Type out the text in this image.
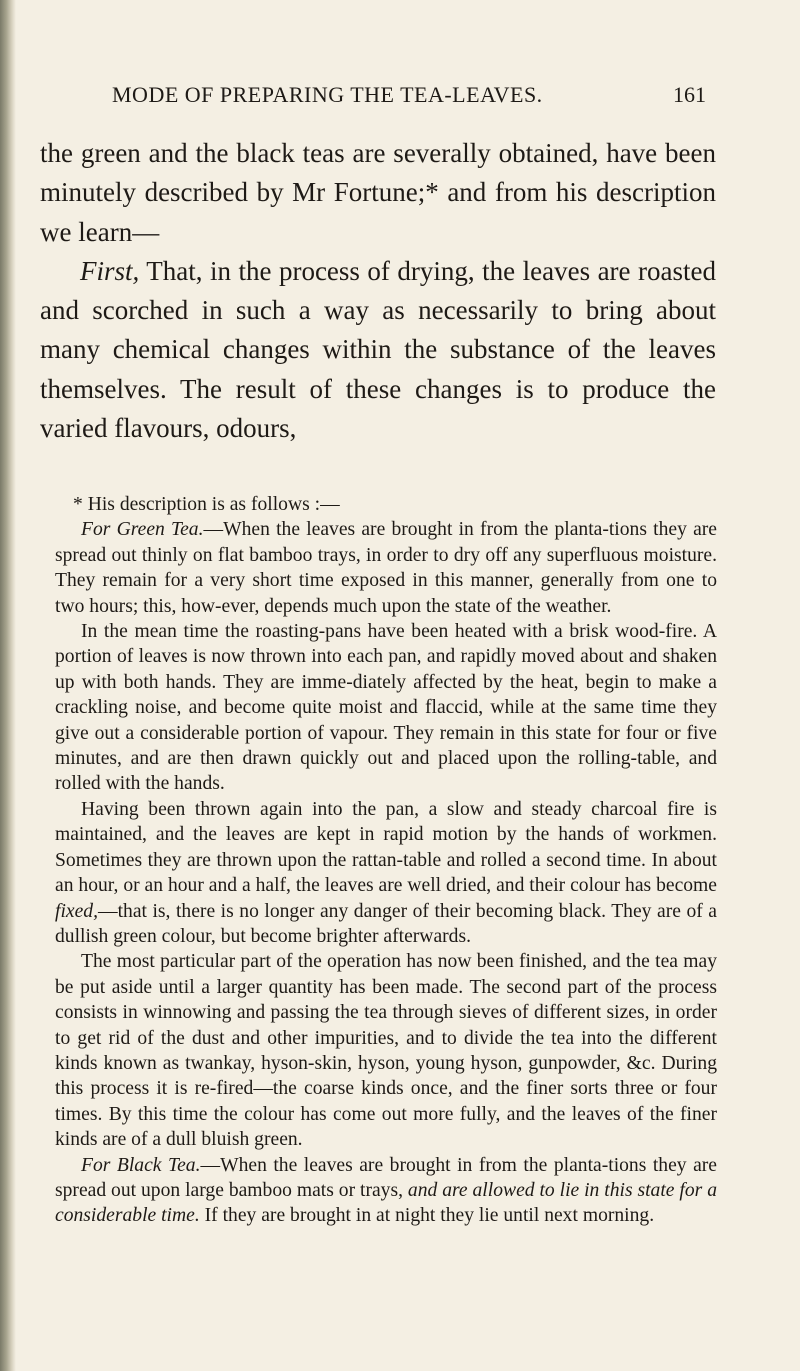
MODE OF PREPARING THE TEA-LEAVES.	161

the green and the black teas are severally obtained, have been minutely described by Mr Fortune;* and from his description we learn—

First, That, in the process of drying, the leaves are roasted and scorched in such a way as necessarily to bring about many chemical changes within the substance of the leaves themselves. The result of these changes is to produce the varied flavours, odours,

* His description is as follows :—

For Green Tea.—When the leaves are brought in from the planta-tions they are spread out thinly on flat bamboo trays, in order to dry off any superfluous moisture. They remain for a very short time exposed in this manner, generally from one to two hours; this, how-ever, depends much upon the state of the weather.

In the mean time the roasting-pans have been heated with a brisk wood-fire. A portion of leaves is now thrown into each pan, and rapidly moved about and shaken up with both hands. They are imme-diately affected by the heat, begin to make a crackling noise, and become quite moist and flaccid, while at the same time they give out a considerable portion of vapour. They remain in this state for four or five minutes, and are then drawn quickly out and placed upon the rolling-table, and rolled with the hands.

Having been thrown again into the pan, a slow and steady charcoal fire is maintained, and the leaves are kept in rapid motion by the hands of workmen. Sometimes they are thrown upon the rattan-table and rolled a second time. In about an hour, or an hour and a half, the leaves are well dried, and their colour has become fixed,—that is, there is no longer any danger of their becoming black. They are of a dullish green colour, but become brighter afterwards.

The most particular part of the operation has now been finished, and the tea may be put aside until a larger quantity has been made. The second part of the process consists in winnowing and passing the tea through sieves of different sizes, in order to get rid of the dust and other impurities, and to divide the tea into the different kinds known as twankay, hyson-skin, hyson, young hyson, gunpowder, &c. During this process it is re-fired—the coarse kinds once, and the finer sorts three or four times. By this time the colour has come out more fully, and the leaves of the finer kinds are of a dull bluish green.

For Black Tea.—When the leaves are brought in from the planta-tions they are spread out upon large bamboo mats or trays, and are allowed to lie in this state for a considerable time. If they are brought in at night they lie until next morning.
